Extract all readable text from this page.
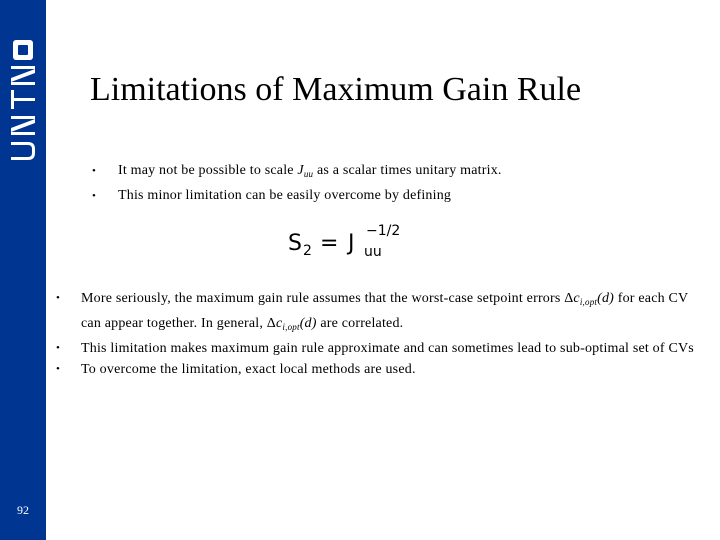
92
Limitations of Maximum Gain Rule
• It may not be possible to scale $J_{uu}$ as a scalar times unitary matrix.
• This minor limitation can be easily overcome by defining
S 2 = J uu
−1/2
• More seriously, the maximum gain rule assumes that the worst-case setpoint errors $\Delta c_{i,opt}(d)$ for each CV can appear together. In general, $\Delta c_{i,opt}(d)$ are correlated.
• This limitation makes maximum gain rule approximate and can sometimes lead to sub-optimal set of CVs
• To overcome the limitation, exact local methods are used.
